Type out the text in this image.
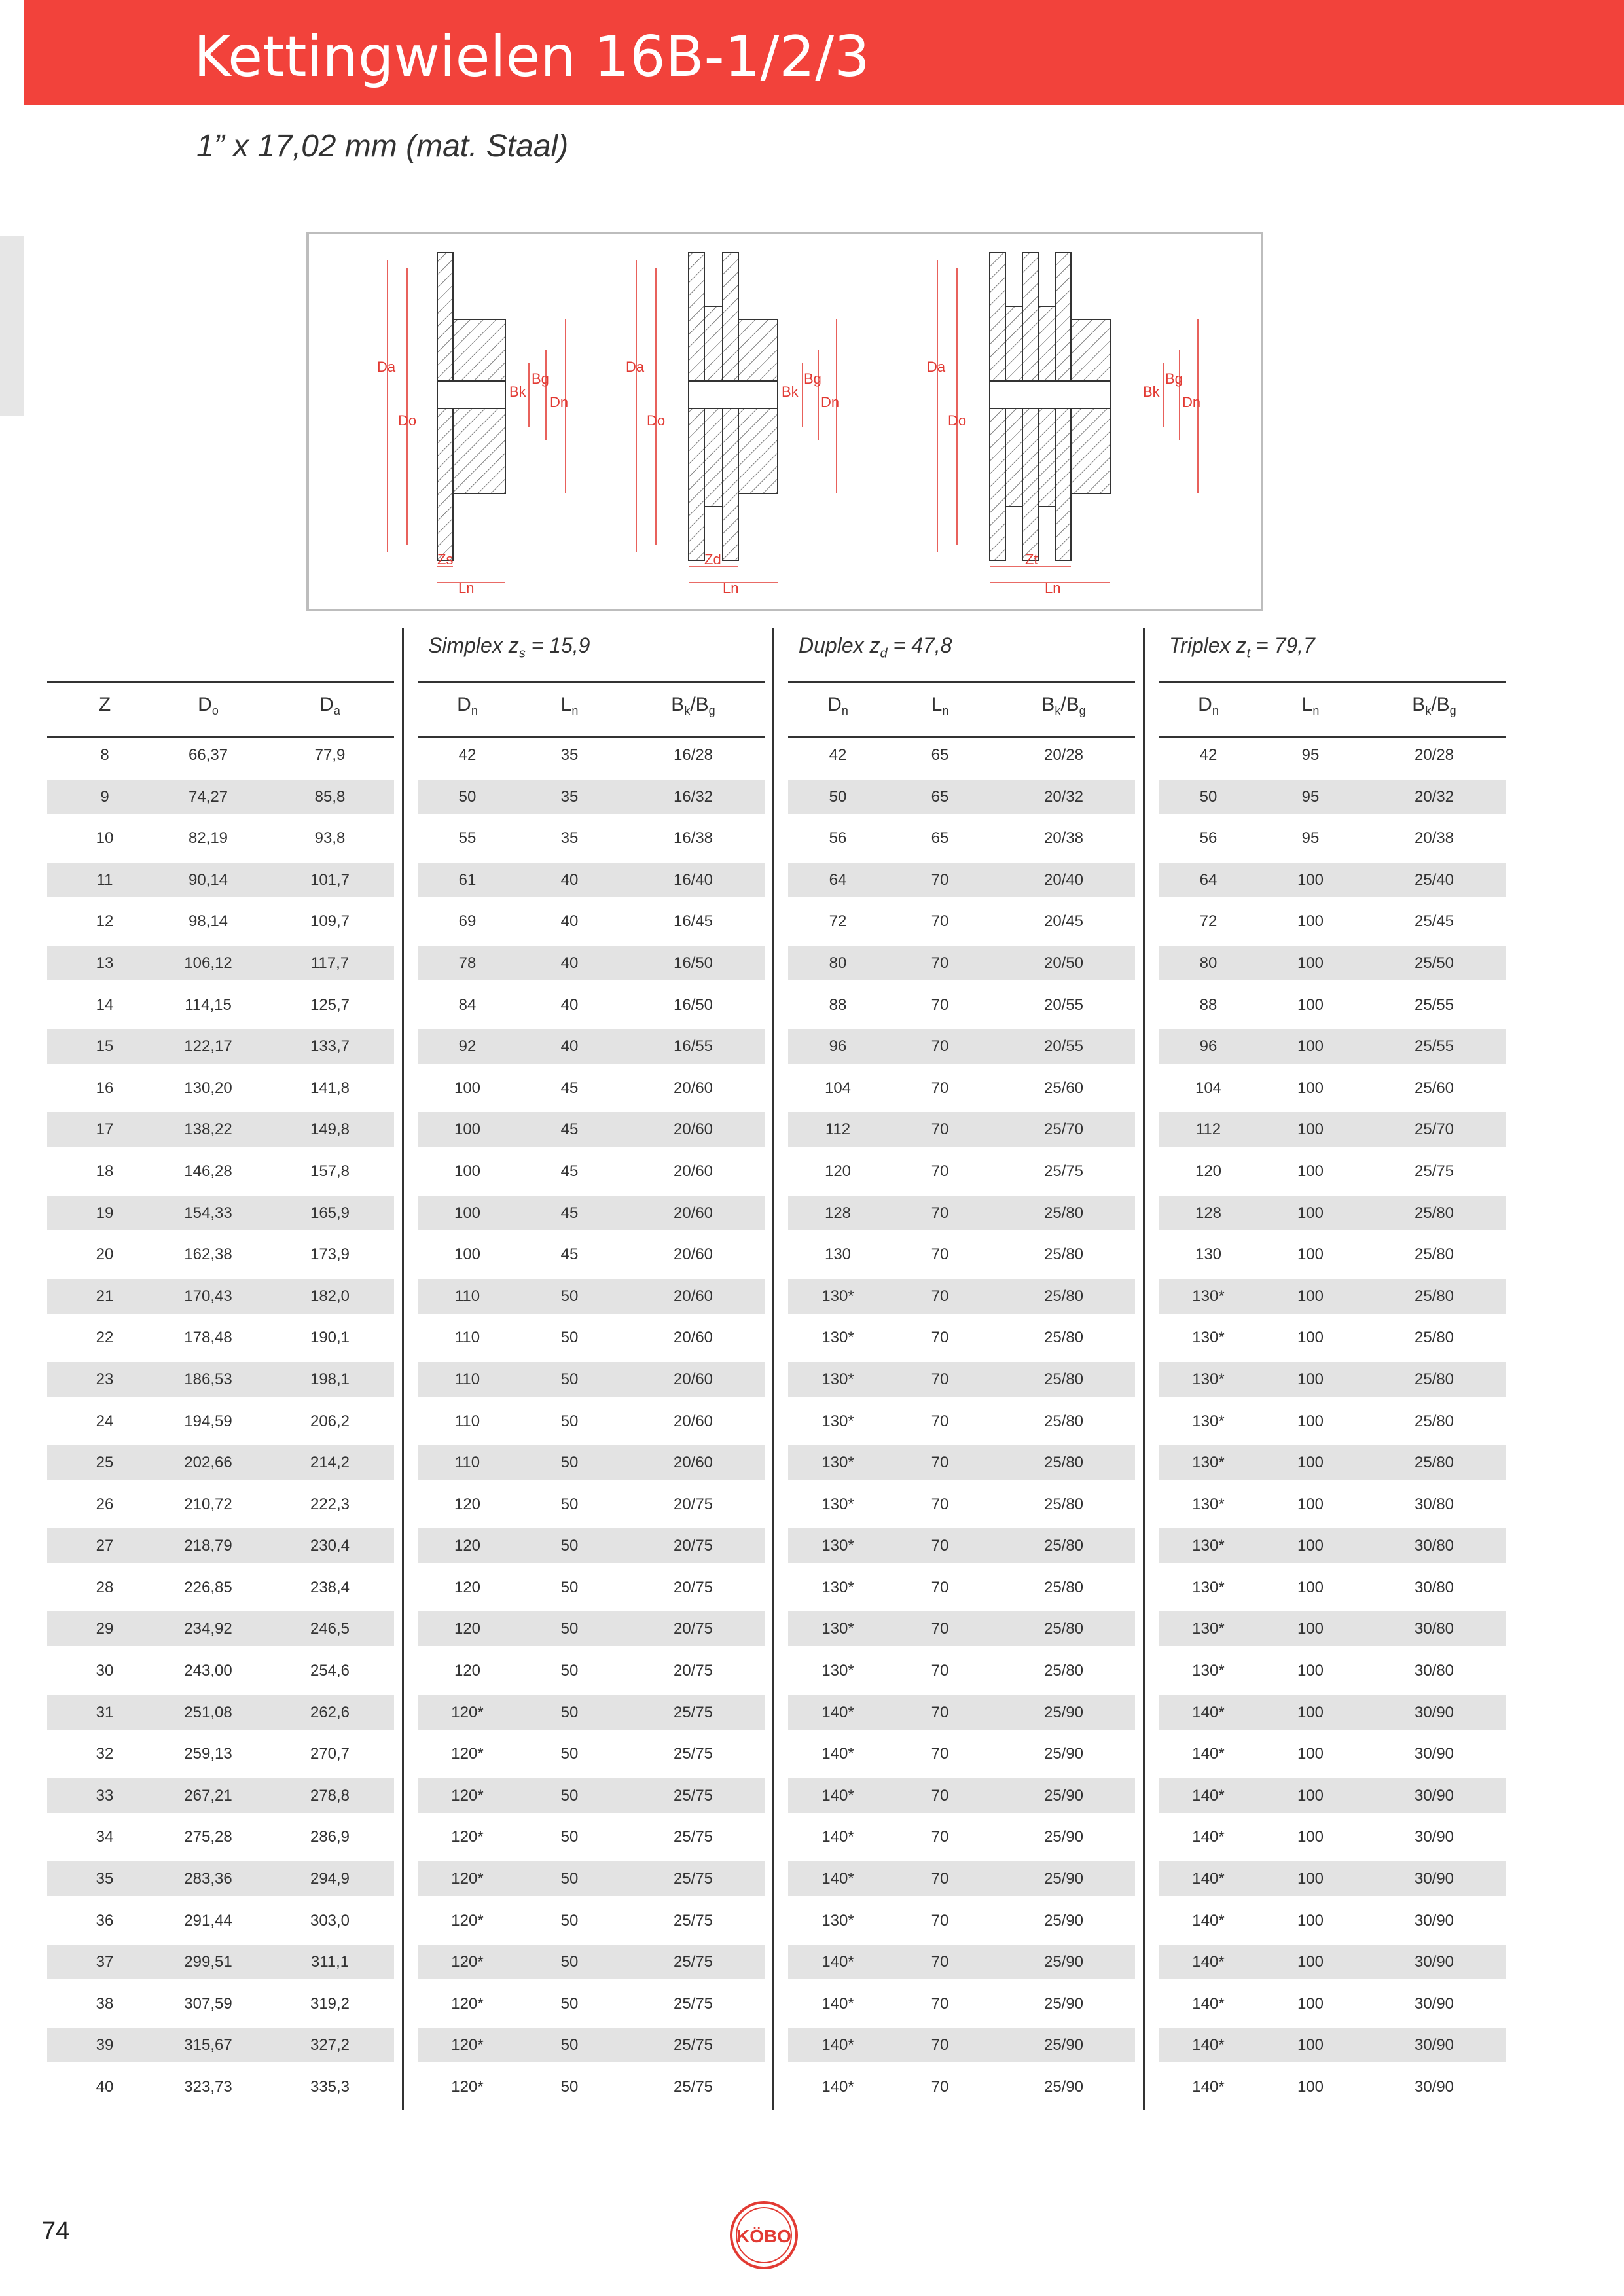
Kettingwielen 16B-1/2/3
1” x 17,02 mm (mat. Staal)
Da
Do
Bk
Bg
Dn
Zs
Ln
Da
Do
Bk
Bg
Dn
Zd
Ln
Da
Do
Bk
Bg
Dn
Zt
Ln
Simplex $z_s = 15,9$	Duplex $z_d = 47,8$	Triplex $z_t = 79,7$
Z	$D_o$	$D_a$	$D_n$	$L_n$	$B_k/B_g$	$D_n$	$L_n$	$B_k/B_g$	$D_n$	$L_n$	$B_k/B_g$
8	66,37	77,9	42	35	16/28	42	65	20/28	42	95	20/28
9	74,27	85,8	50	35	16/32	50	65	20/32	50	95	20/32
10	82,19	93,8	55	35	16/38	56	65	20/38	56	95	20/38
11	90,14	101,7	61	40	16/40	64	70	20/40	64	100	25/40
12	98,14	109,7	69	40	16/45	72	70	20/45	72	100	25/45
13	106,12	117,7	78	40	16/50	80	70	20/50	80	100	25/50
14	114,15	125,7	84	40	16/50	88	70	20/55	88	100	25/55
15	122,17	133,7	92	40	16/55	96	70	20/55	96	100	25/55
16	130,20	141,8	100	45	20/60	104	70	25/60	104	100	25/60
17	138,22	149,8	100	45	20/60	112	70	25/70	112	100	25/70
18	146,28	157,8	100	45	20/60	120	70	25/75	120	100	25/75
19	154,33	165,9	100	45	20/60	128	70	25/80	128	100	25/80
20	162,38	173,9	100	45	20/60	130	70	25/80	130	100	25/80
21	170,43	182,0	110	50	20/60	130*	70	25/80	130*	100	25/80
22	178,48	190,1	110	50	20/60	130*	70	25/80	130*	100	25/80
23	186,53	198,1	110	50	20/60	130*	70	25/80	130*	100	25/80
24	194,59	206,2	110	50	20/60	130*	70	25/80	130*	100	25/80
25	202,66	214,2	110	50	20/60	130*	70	25/80	130*	100	25/80
26	210,72	222,3	120	50	20/75	130*	70	25/80	130*	100	30/80
27	218,79	230,4	120	50	20/75	130*	70	25/80	130*	100	30/80
28	226,85	238,4	120	50	20/75	130*	70	25/80	130*	100	30/80
29	234,92	246,5	120	50	20/75	130*	70	25/80	130*	100	30/80
30	243,00	254,6	120	50	20/75	130*	70	25/80	130*	100	30/80
31	251,08	262,6	120*	50	25/75	140*	70	25/90	140*	100	30/90
32	259,13	270,7	120*	50	25/75	140*	70	25/90	140*	100	30/90
33	267,21	278,8	120*	50	25/75	140*	70	25/90	140*	100	30/90
34	275,28	286,9	120*	50	25/75	140*	70	25/90	140*	100	30/90
35	283,36	294,9	120*	50	25/75	140*	70	25/90	140*	100	30/90
36	291,44	303,0	120*	50	25/75	130*	70	25/90	140*	100	30/90
37	299,51	311,1	120*	50	25/75	140*	70	25/90	140*	100	30/90
38	307,59	319,2	120*	50	25/75	140*	70	25/90	140*	100	30/90
39	315,67	327,2	120*	50	25/75	140*	70	25/90	140*	100	30/90
40	323,73	335,3	120*	50	25/75	140*	70	25/90	140*	100	30/90
74	KÖBO
